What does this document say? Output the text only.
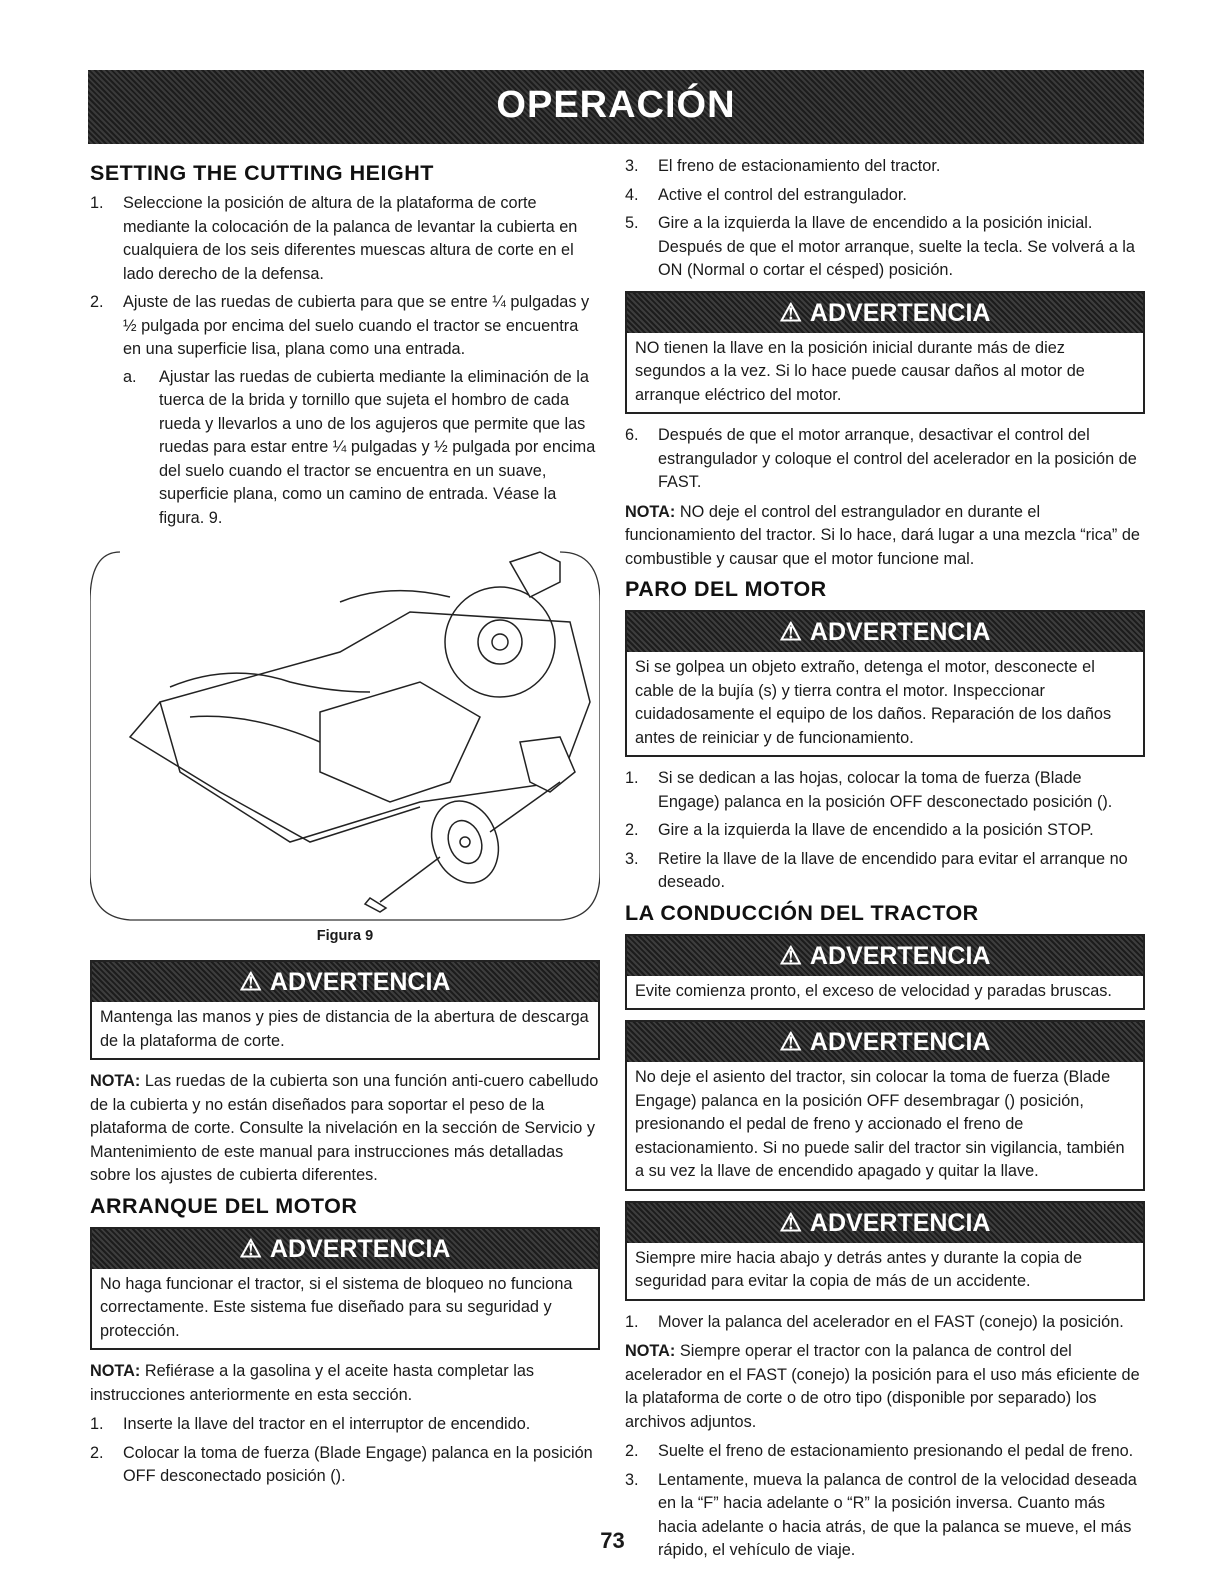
OPERACIÓN
SETTING THE CUTTING HEIGHT
1. Seleccione la posición de altura de la plataforma de corte mediante la colocación de la palanca de levantar la cubierta en cualquiera de los seis diferentes muescas altura de corte en el lado derecho de la defensa.
2. Ajuste de las ruedas de cubierta para que se entre ¼ pulgadas y ½ pulgada por encima del suelo cuando el tractor se encuentra en una superficie lisa, plana como una entrada.
a. Ajustar las ruedas de cubierta mediante la eliminación de la tuerca de la brida y tornillo que sujeta el hombro de cada rueda y llevarlos a uno de los agujeros que permite que las ruedas para estar entre ¼ pulgadas y ½ pulgada por encima del suelo cuando el tractor se encuentra en un suave, superficie plana, como un camino de entrada. Véase la figura. 9.
Figura 9
⚠ ADVERTENCIA
Mantenga las manos y pies de distancia de la abertura de descarga de la plataforma de corte.

NOTA: Las ruedas de la cubierta son una función anti-cuero cabelludo de la cubierta y no están diseñados para soportar el peso de la plataforma de corte. Consulte la nivelación en la sección de Servicio y Mantenimiento de este manual para instrucciones más detalladas sobre los ajustes de cubierta diferentes.

ARRANQUE DEL MOTOR
⚠ ADVERTENCIA
No haga funcionar el tractor, si el sistema de bloqueo no funciona correctamente. Este sistema fue diseñado para su seguridad y protección.

NOTA: Refiérase a la gasolina y el aceite hasta completar las instrucciones anteriormente en esta sección.

1. Inserte la llave del tractor en el interruptor de encendido.
2. Colocar la toma de fuerza (Blade Engage) palanca en la posición OFF desconectado posición ().
3. El freno de estacionamiento del tractor.
4. Active el control del estrangulador.
5. Gire a la izquierda la llave de encendido a la posición inicial. Después de que el motor arranque, suelte la tecla. Se volverá a la ON (Normal o cortar el césped) posición.
⚠ ADVERTENCIA
NO tienen la llave en la posición inicial durante más de diez segundos a la vez. Si lo hace puede causar daños al motor de arranque eléctrico del motor.
6. Después de que el motor arranque, desactivar el control del estrangulador y coloque el control del acelerador en la posición de FAST.

NOTA: NO deje el control del estrangulador en durante el funcionamiento del tractor. Si lo hace, dará lugar a una mezcla “rica” de combustible y causar que el motor funcione mal.

PARO DEL MOTOR
⚠ ADVERTENCIA
Si se golpea un objeto extraño, detenga el motor, desconecte el cable de la bujía (s) y tierra contra el motor. Inspeccionar cuidadosamente el equipo de los daños. Reparación de los daños antes de reiniciar y de funcionamiento.
1. Si se dedican a las hojas, colocar la toma de fuerza (Blade Engage) palanca en la posición OFF desconectado posición ().
2. Gire a la izquierda la llave de encendido a la posición STOP.
3. Retire la llave de la llave de encendido para evitar el arranque no deseado.
LA CONDUCCIÓN DEL TRACTOR
⚠ ADVERTENCIA
Evite comienza pronto, el exceso de velocidad y paradas bruscas.
⚠ ADVERTENCIA
No deje el asiento del tractor, sin colocar la toma de fuerza (Blade Engage) palanca en la posición OFF desembragar () posición, presionando el pedal de freno y accionado el freno de estacionamiento. Si no puede salir del tractor sin vigilancia, también a su vez la llave de encendido apagado y quitar la llave.
⚠ ADVERTENCIA
Siempre mire hacia abajo y detrás antes y durante la copia de seguridad para evitar la copia de más de un accidente.
1. Mover la palanca del acelerador en el FAST (conejo) la posición.

NOTA: Siempre operar el tractor con la palanca de control del acelerador en el FAST (conejo) la posición para el uso más eficiente de la plataforma de corte o de otro tipo (disponible por separado) los archivos adjuntos.

2. Suelte el freno de estacionamiento presionando el pedal de freno.
3. Lentamente, mueva la palanca de control de la velocidad deseada en la “F” hacia adelante o “R” la posición inversa. Cuanto más hacia adelante o hacia atrás, de que la palanca se mueve, el más rápido, el vehículo de viaje.
73
